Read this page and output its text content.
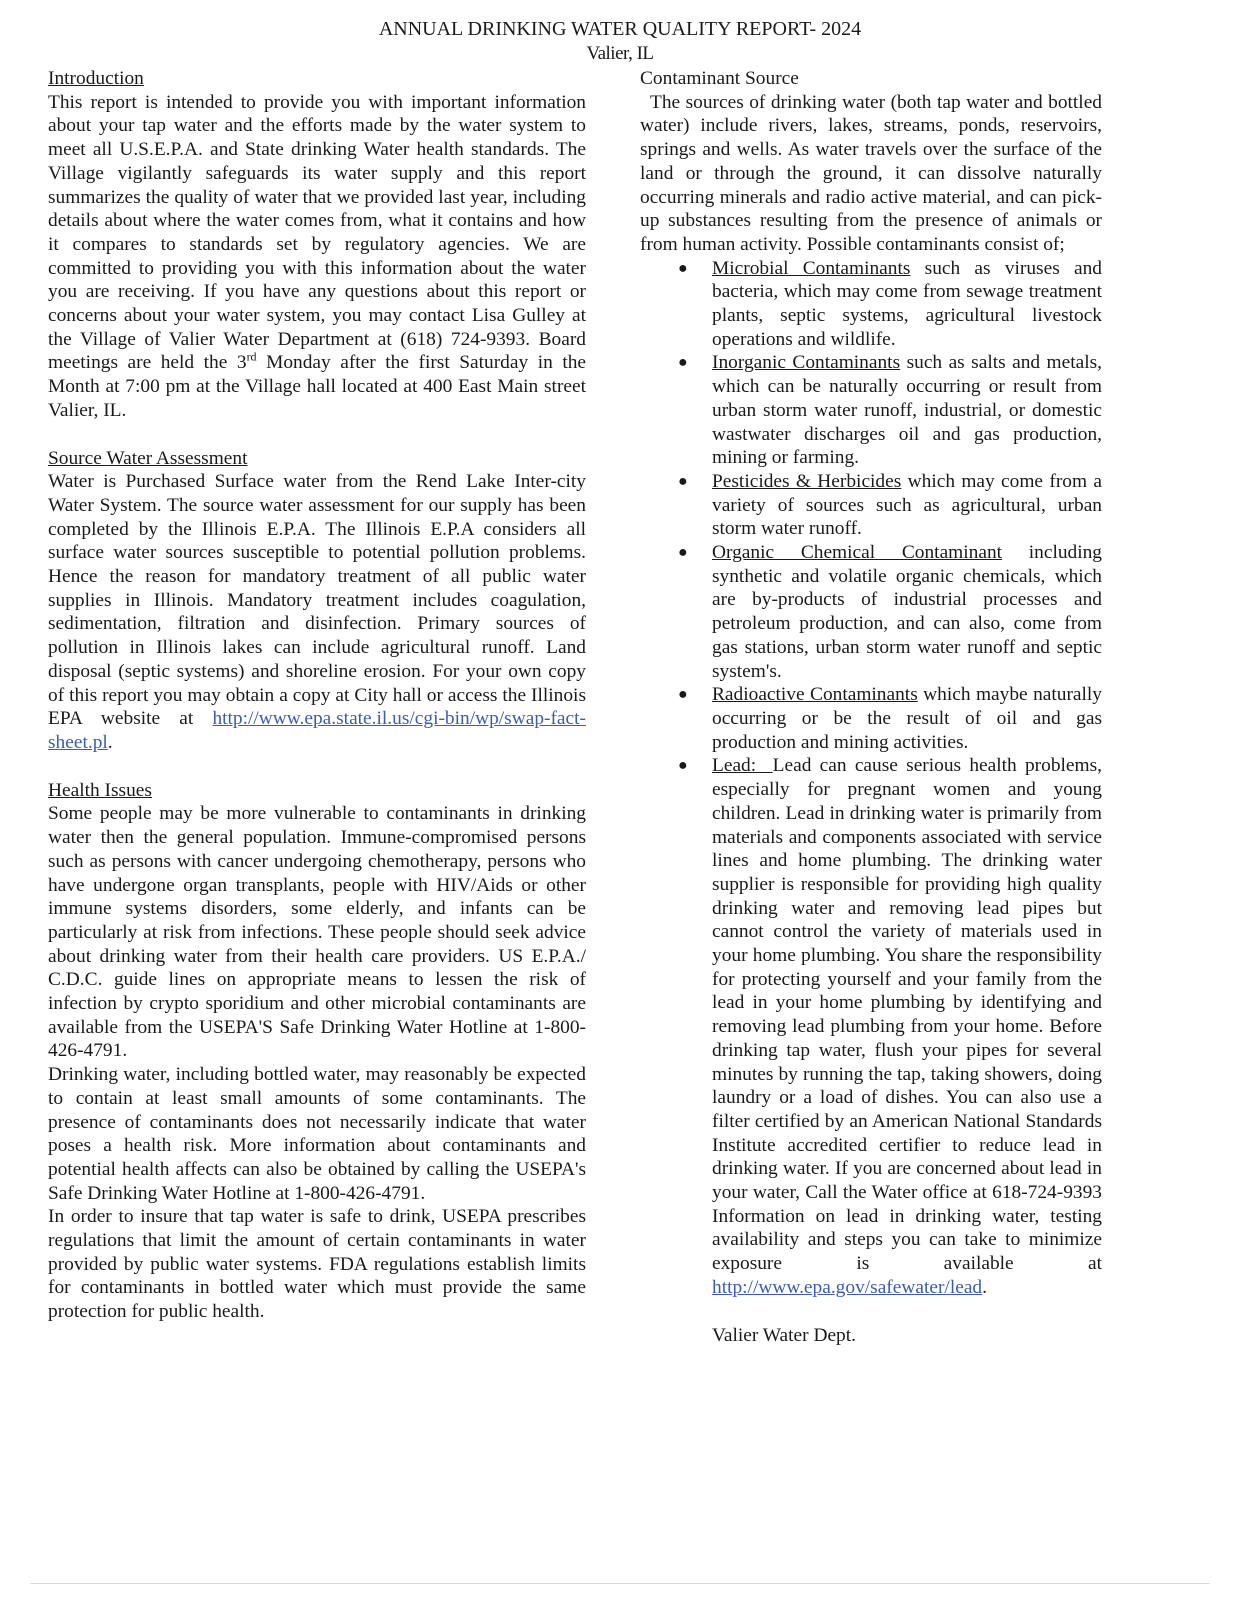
ANNUAL DRINKING WATER QUALITY REPORT- 2024
Valier, IL

Introduction

This report is intended to provide you with important information about your tap water and the efforts made by the water system to meet all U.S.E.P.A. and State drinking Water health standards. The Village vigilantly safeguards its water supply and this report summarizes the quality of water that we provided last year, including details about where the water comes from, what it contains and how it compares to standards set by regulatory agencies. We are committed to providing you with this information about the water you are receiving. If you have any questions about this report or concerns about your water system, you may contact Lisa Gulley at the Village of Valier Water Department at (618) 724-9393. Board meetings are held the 3rd Monday after the first Saturday in the Month at 7:00 pm at the Village hall located at 400 East Main street Valier, IL.

Source Water Assessment

Water is Purchased Surface water from the Rend Lake Inter-city Water System. The source water assessment for our supply has been completed by the Illinois E.P.A. The Illinois E.P.A considers all surface water sources susceptible to potential pollution problems. Hence the reason for mandatory treatment of all public water supplies in Illinois. Mandatory treatment includes coagulation, sedimentation, filtration and disinfection. Primary sources of pollution in Illinois lakes can include agricultural runoff. Land disposal (septic systems) and shoreline erosion. For your own copy of this report you may obtain a copy at City hall or access the Illinois EPA website at http://www.epa.state.il.us/cgi-bin/wp/swap-fact-sheet.pl.

Health Issues

Some people may be more vulnerable to contaminants in drinking water then the general population. Immune-compromised persons such as persons with cancer undergoing chemotherapy, persons who have undergone organ transplants, people with HIV/Aids or other immune systems disorders, some elderly, and infants can be particularly at risk from infections. These people should seek advice about drinking water from their health care providers. US E.P.A./ C.D.C. guide lines on appropriate means to lessen the risk of infection by crypto sporidium and other microbial contaminants are available from the USEPA'S Safe Drinking Water Hotline at 1-800-426-4791.

Drinking water, including bottled water, may reasonably be expected to contain at least small amounts of some contaminants. The presence of contaminants does not necessarily indicate that water poses a health risk. More information about contaminants and potential health affects can also be obtained by calling the USEPA's Safe Drinking Water Hotline at 1-800-426-4791.

In order to insure that tap water is safe to drink, USEPA prescribes regulations that limit the amount of certain contaminants in water provided by public water systems. FDA regulations establish limits for contaminants in bottled water which must provide the same protection for public health.

Contaminant Source

The sources of drinking water (both tap water and bottled water) include rivers, lakes, streams, ponds, reservoirs, springs and wells. As water travels over the surface of the land or through the ground, it can dissolve naturally occurring minerals and radio active material, and can pick-up substances resulting from the presence of animals or from human activity. Possible contaminants consist of;

● Microbial Contaminants such as viruses and bacteria, which may come from sewage treatment plants, septic systems, agricultural livestock operations and wildlife.
● Inorganic Contaminants such as salts and metals, which can be naturally occurring or result from urban storm water runoff, industrial, or domestic wastwater discharges oil and gas production, mining or farming.
● Pesticides & Herbicides which may come from a variety of sources such as agricultural, urban storm water runoff.
● Organic Chemical Contaminant including synthetic and volatile organic chemicals, which are by-products of industrial processes and petroleum production, and can also, come from gas stations, urban storm water runoff and septic system's.
● Radioactive Contaminants which maybe naturally occurring or be the result of oil and gas production and mining activities.
● Lead:  Lead can cause serious health problems, especially for pregnant women and young children. Lead in drinking water is primarily from materials and components associated with service lines and home plumbing. The drinking water supplier is responsible for providing high quality drinking water and removing lead pipes but cannot control the variety of materials used in your home plumbing. You share the responsibility for protecting yourself and your family from the lead in your home plumbing by identifying and removing lead plumbing from your home. Before drinking tap water, flush your pipes for several minutes by running the tap, taking showers, doing laundry or a load of dishes. You can also use a filter certified by an American National Standards Institute accredited certifier to reduce lead in drinking water. If you are concerned about lead in your water, Call the Water office at 618-724-9393 Information on lead in drinking water, testing availability and steps you can take to minimize exposure is available at http://www.epa.gov/safewater/lead.

Valier Water Dept.
